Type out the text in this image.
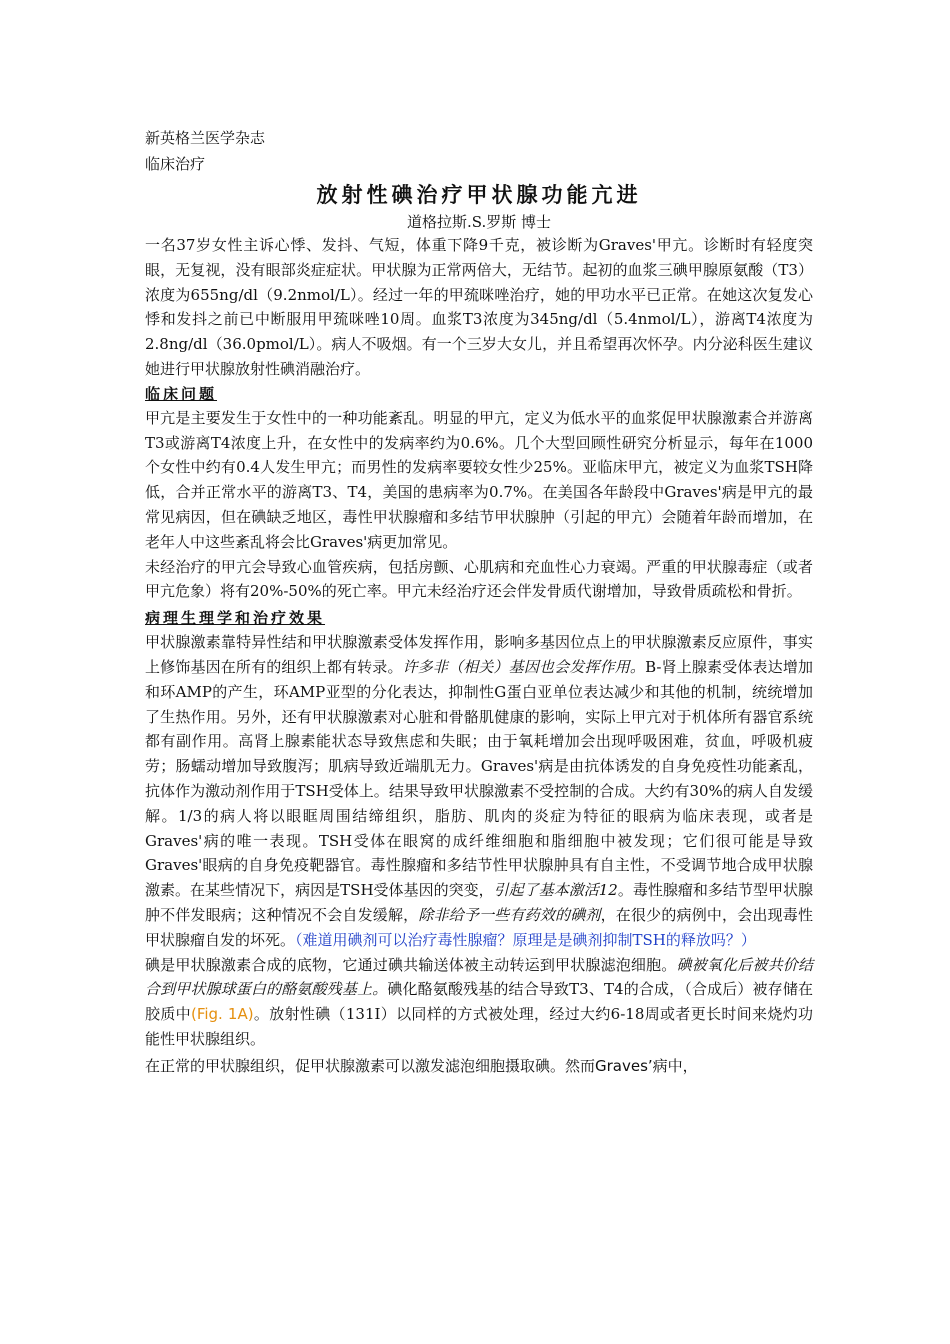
新英格兰医学杂志
临床治疗
放射性碘治疗甲状腺功能亢进
道格拉斯.S.罗斯 博士

一名37岁女性主诉心悸、发抖、气短，体重下降9千克，被诊断为Graves'甲亢。诊断时有轻度突眼，无复视，没有眼部炎症症状。甲状腺为正常两倍大，无结节。起初的血浆三碘甲腺原氨酸（T3）浓度为655ng/dl（9.2nmol/L）。经过一年的甲巯咪唑治疗，她的甲功水平已正常。在她这次复发心悸和发抖之前已中断服用甲巯咪唑10周。血浆T3浓度为345ng/dl（5.4nmol/L），游离T4浓度为2.8ng/dl（36.0pmol/L）。病人不吸烟。有一个三岁大女儿，并且希望再次怀孕。内分泌科医生建议她进行甲状腺放射性碘消融治疗。

临床问题

甲亢是主要发生于女性中的一种功能紊乱。明显的甲亢，定义为低水平的血浆促甲状腺激素合并游离T3或游离T4浓度上升，在女性中的发病率约为0.6%。几个大型回顾性研究分析显示，每年在1000个女性中约有0.4人发生甲亢；而男性的发病率要较女性少25%。亚临床甲亢，被定义为血浆TSH降低，合并正常水平的游离T3、T4，美国的患病率为0.7%。在美国各年龄段中Graves'病是甲亢的最常见病因，但在碘缺乏地区，毒性甲状腺瘤和多结节甲状腺肿（引起的甲亢）会随着年龄而增加，在老年人中这些紊乱将会比Graves'病更加常见。

未经治疗的甲亢会导致心血管疾病，包括房颤、心肌病和充血性心力衰竭。严重的甲状腺毒症（或者甲亢危象）将有20%-50%的死亡率。甲亢未经治疗还会伴发骨质代谢增加，导致骨质疏松和骨折。

病理生理学和治疗效果

甲状腺激素靠特异性结和甲状腺激素受体发挥作用，影响多基因位点上的甲状腺激素反应原件，事实上修饰基因在所有的组织上都有转录。许多非（相关）基因也会发挥作用。B-肾上腺素受体表达增加和环AMP的产生，环AMP亚型的分化表达，抑制性G蛋白亚单位表达减少和其他的机制，统统增加了生热作用。另外，还有甲状腺激素对心脏和骨骼肌健康的影响，实际上甲亢对于机体所有器官系统都有副作用。高肾上腺素能状态导致焦虑和失眠；由于氧耗增加会出现呼吸困难，贫血，呼吸机疲劳；肠蠕动增加导致腹泻；肌病导致近端肌无力。Graves'病是由抗体诱发的自身免疫性功能紊乱，抗体作为激动剂作用于TSH受体上。结果导致甲状腺激素不受控制的合成。大约有30%的病人自发缓解。1/3的病人将以眼眶周围结缔组织，脂肪、肌肉的炎症为特征的眼病为临床表现，或者是Graves'病的唯一表现。TSH受体在眼窝的成纤维细胞和脂细胞中被发现；它们很可能是导致Graves'眼病的自身免疫靶器官。毒性腺瘤和多结节性甲状腺肿具有自主性，不受调节地合成甲状腺激素。在某些情况下，病因是TSH受体基因的突变，引起了基本激活12。毒性腺瘤和多结节型甲状腺肿不伴发眼病；这种情况不会自发缓解，除非给予一些有药效的碘剂，在很少的病例中，会出现毒性甲状腺瘤自发的坏死。（难道用碘剂可以治疗毒性腺瘤？原理是是碘剂抑制TSH的释放吗？）

碘是甲状腺激素合成的底物，它通过碘共输送体被主动转运到甲状腺滤泡细胞。碘被氧化后被共价结合到甲状腺球蛋白的酪氨酸残基上。碘化酪氨酸残基的结合导致T3、T4的合成，（合成后）被存储在胶质中(Fig. 1A)。放射性碘（131I）以同样的方式被处理，经过大约6-18周或者更长时间来烧灼功能性甲状腺组织。

在正常的甲状腺组织，促甲状腺激素可以激发滤泡细胞摄取碘。然而Graves’病中，
